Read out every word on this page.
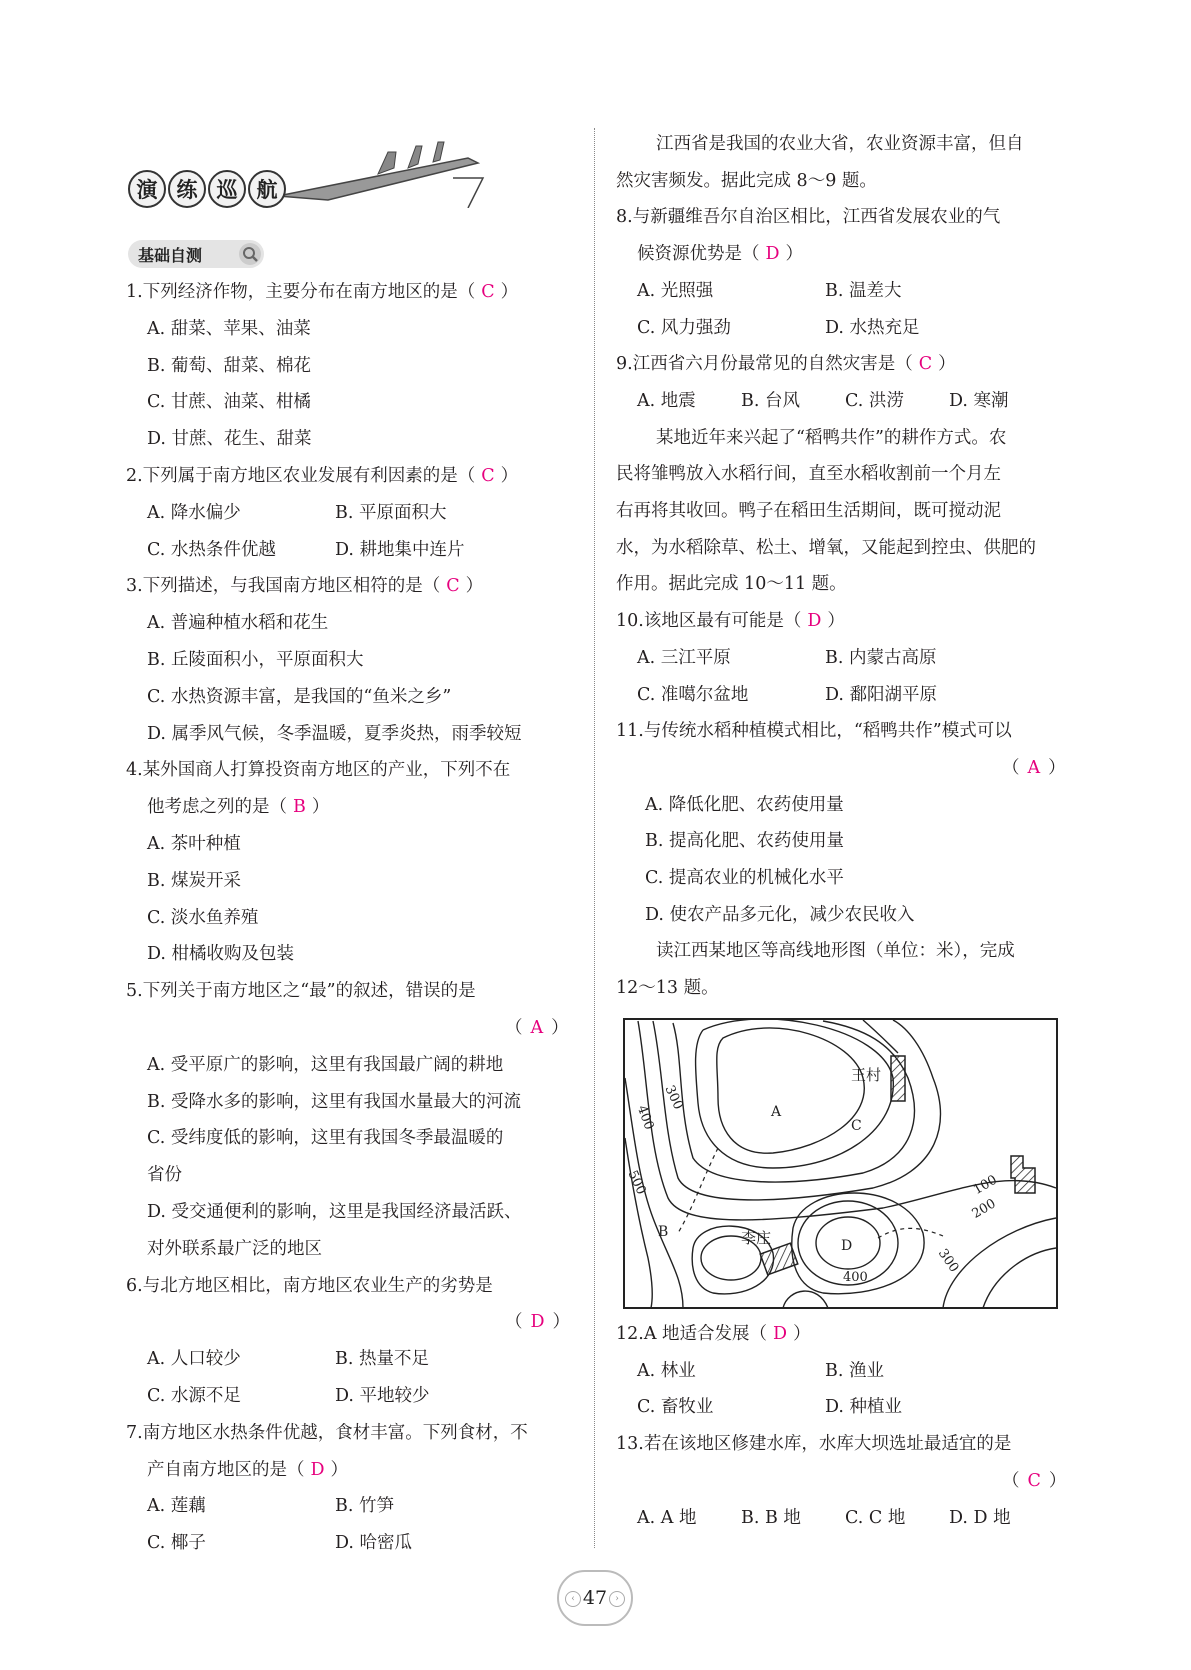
演 练 巡 航
基础自测
1.下列经济作物，主要分布在南方地区的是（ C ）
A. 甜菜、苹果、油菜
B. 葡萄、甜菜、棉花
C. 甘蔗、油菜、柑橘
D. 甘蔗、花生、甜菜
2.下列属于南方地区农业发展有利因素的是（ C ）
A. 降水偏少	B. 平原面积大
C. 水热条件优越	D. 耕地集中连片
3.下列描述，与我国南方地区相符的是（ C ）
A. 普遍种植水稻和花生
B. 丘陵面积小，平原面积大
C. 水热资源丰富，是我国的“鱼米之乡”
D. 属季风气候，冬季温暖，夏季炎热，雨季较短
4.某外国商人打算投资南方地区的产业，下列不在
他考虑之列的是（ B ）
A. 茶叶种植
B. 煤炭开采
C. 淡水鱼养殖
D. 柑橘收购及包装
5.下列关于南方地区之“最”的叙述，错误的是
（ A ）
A. 受平原广的影响，这里有我国最广阔的耕地
B. 受降水多的影响，这里有我国水量最大的河流
C. 受纬度低的影响，这里有我国冬季最温暖的
省份
D. 受交通便利的影响，这里是我国经济最活跃、
对外联系最广泛的地区
6.与北方地区相比，南方地区农业生产的劣势是
（ D ）
A. 人口较少	B. 热量不足
C. 水源不足	D. 平地较少
7.南方地区水热条件优越，食材丰富。下列食材，不
产自南方地区的是（ D ）
A. 莲藕	B. 竹笋
C. 椰子	D. 哈密瓜
江西省是我国的农业大省，农业资源丰富，但自
然灾害频发。据此完成 8～9 题。
8.与新疆维吾尔自治区相比，江西省发展农业的气
候资源优势是（ D ）
A. 光照强	B. 温差大
C. 风力强劲	D. 水热充足
9.江西省六月份最常见的自然灾害是（ C ）
A. 地震	B. 台风	C. 洪涝	D. 寒潮
某地近年来兴起了“稻鸭共作”的耕作方式。农
民将雏鸭放入水稻行间，直至水稻收割前一个月左
右再将其收回。鸭子在稻田生活期间，既可搅动泥
水，为水稻除草、松土、增氧，又能起到控虫、供肥的
作用。据此完成 10～11 题。
10.该地区最有可能是（ D ）
A. 三江平原	B. 内蒙古高原
C. 准噶尔盆地	D. 鄱阳湖平原
11.与传统水稻种植模式相比，“稻鸭共作”模式可以
（ A ）
A. 降低化肥、农药使用量
B. 提高化肥、农药使用量
C. 提高农业的机械化水平
D. 使农产品多元化，减少农民收入
读江西某地区等高线地形图（单位：米），完成
12～13 题。
12.A 地适合发展（ D ）
A. 林业	B. 渔业
C. 畜牧业	D. 种植业
13.若在该地区修建水库，水库大坝选址最适宜的是
（ C ）
A. A 地	B. B 地	C. C 地 D. D 地
王村
李庄
A
B
C
D
300
400
500	100
200
400
300
‹ 47 ›
